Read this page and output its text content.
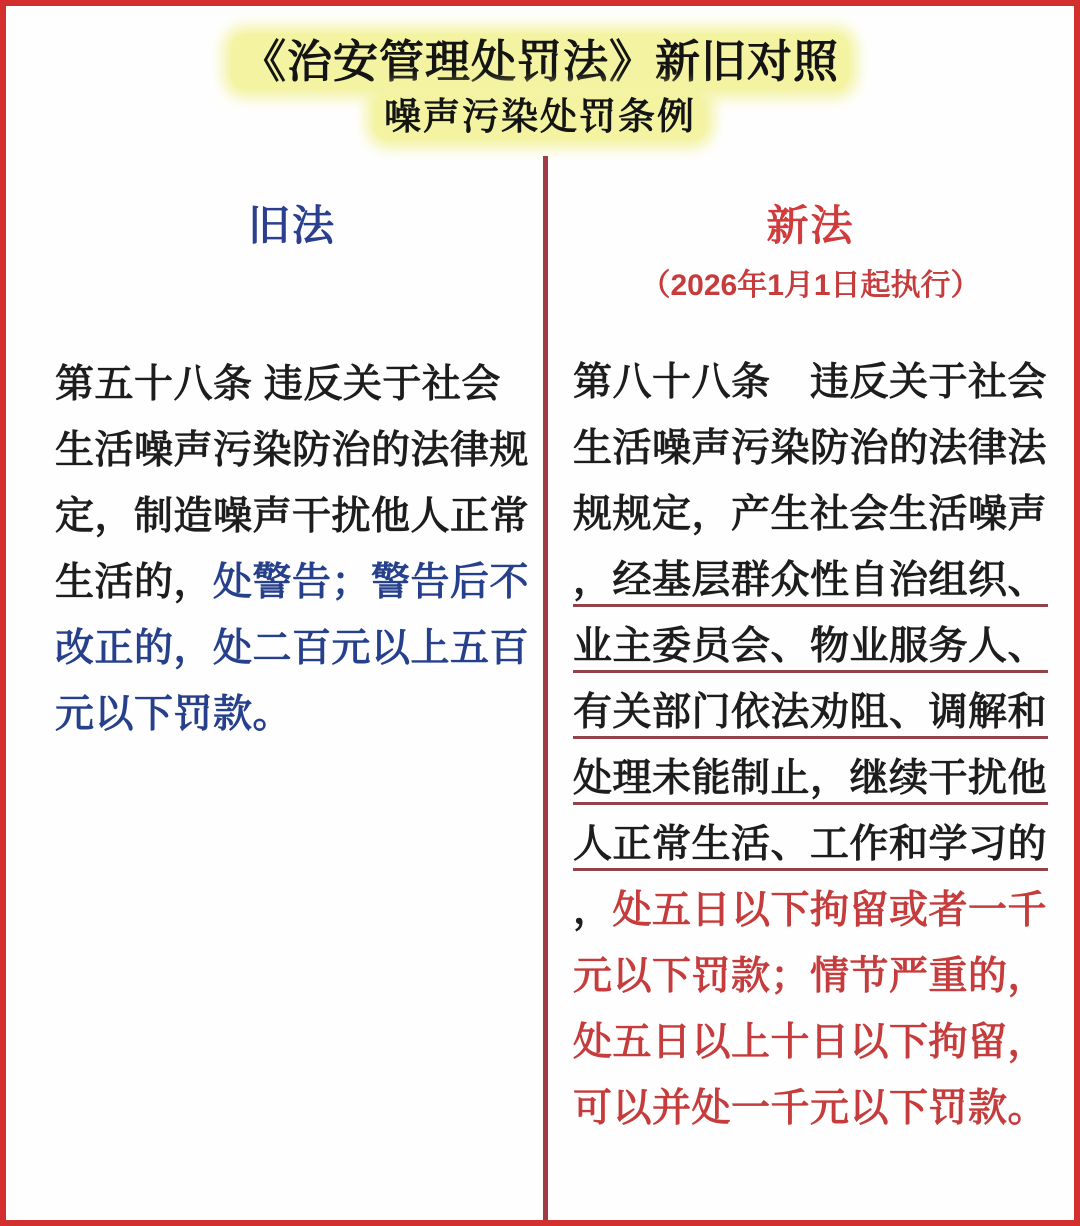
《治安管理处罚法》新旧对照
噪声污染处罚条例
旧法
第五十八条 违反关于社会
生活噪声污染防治的法律规
定，制造噪声干扰他人正常
生活的， 处警告；警告后不
改正的，处二百元以上五百
元以下罚款。
新法
（2026年1月1日起执行）
第八十八条　违反关于社会
生活噪声污染防治的法律法
规规定，产生社会生活噪声
，经基层群众性自治组织、
业主委员会、物业服务人、
有关部门依法劝阻、调解和
处理未能制止，继续干扰他
人正常生活、工作和学习的
， 处五日以下拘留或者一千
元以下罚款；情节严重的，
处五日以上十日以下拘留，
可以并处一千元以下罚款。
